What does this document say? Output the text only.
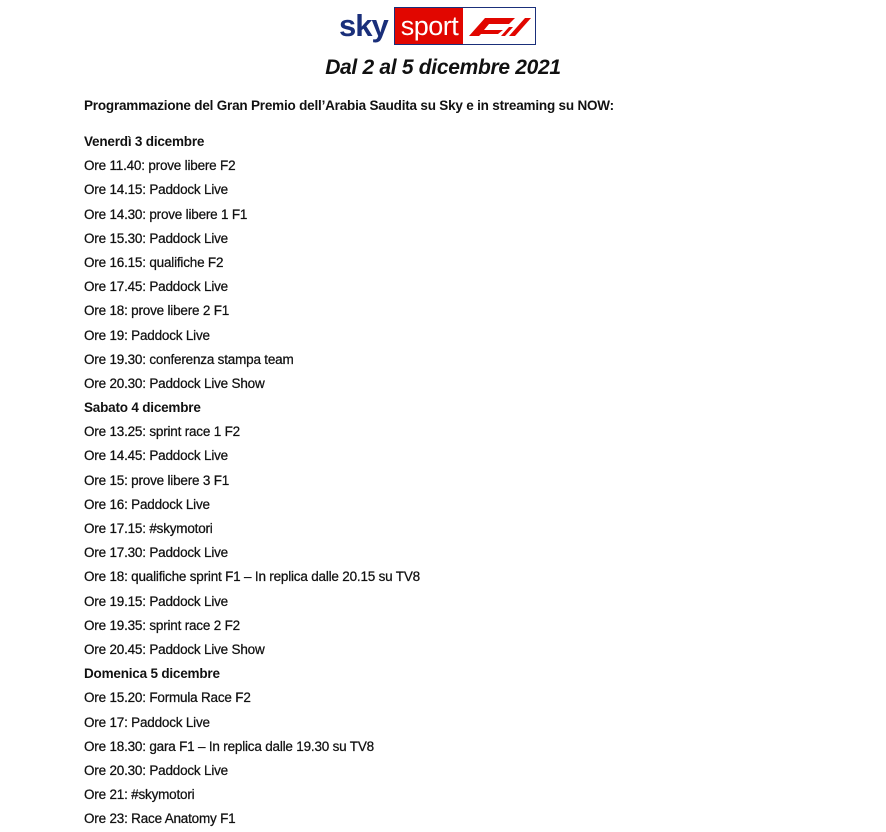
sky sport
Dal 2 al 5 dicembre 2021

Programmazione del Gran Premio dell’Arabia Saudita su Sky e in streaming su NOW:

Venerdì 3 dicembre
Ore 11.40: prove libere F2
Ore 14.15: Paddock Live
Ore 14.30: prove libere 1 F1
Ore 15.30: Paddock Live
Ore 16.15: qualifiche F2
Ore 17.45: Paddock Live
Ore 18: prove libere 2 F1
Ore 19: Paddock Live
Ore 19.30: conferenza stampa team
Ore 20.30: Paddock Live Show
Sabato 4 dicembre
Ore 13.25: sprint race 1 F2
Ore 14.45: Paddock Live
Ore 15: prove libere 3 F1
Ore 16: Paddock Live
Ore 17.15: #skymotori
Ore 17.30: Paddock Live
Ore 18: qualifiche sprint F1 – In replica dalle 20.15 su TV8
Ore 19.15: Paddock Live
Ore 19.35: sprint race 2 F2
Ore 20.45: Paddock Live Show
Domenica 5 dicembre
Ore 15.20: Formula Race F2
Ore 17: Paddock Live
Ore 18.30: gara F1 – In replica dalle 19.30 su TV8
Ore 20.30: Paddock Live
Ore 21: #skymotori
Ore 23: Race Anatomy F1
